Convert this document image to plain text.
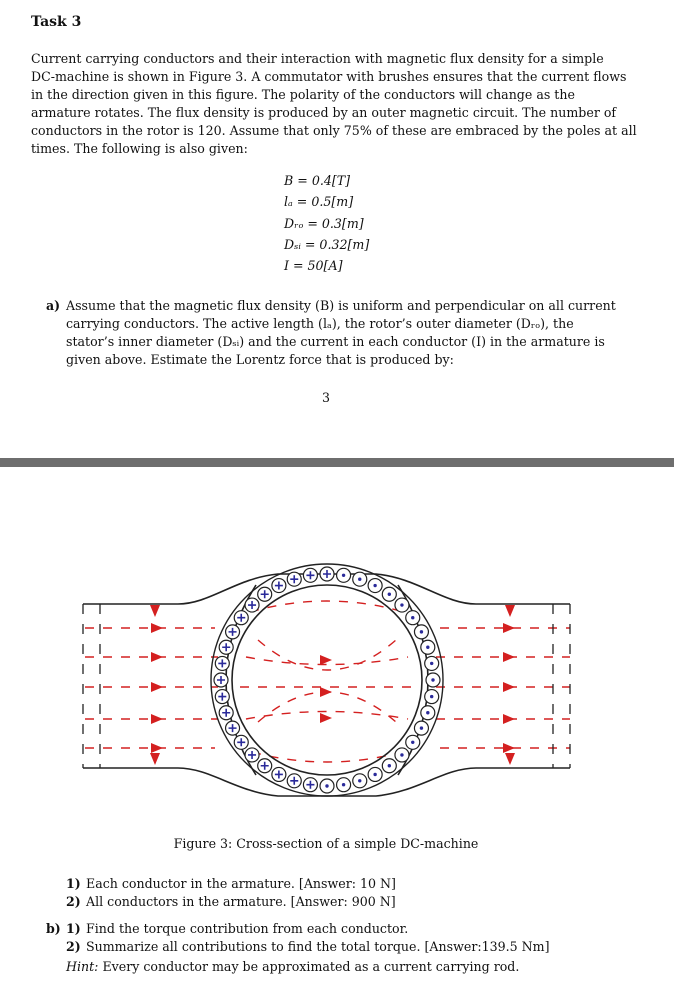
Task 3
Current carrying conductors and their interaction with magnetic flux density for a simple
DC-machine is shown in Figure 3. A commutator with brushes ensures that the current flows
in the direction given in this figure. The polarity of the conductors will change as the
armature rotates. The flux density is produced by an outer magnetic circuit. The number of
conductors in the rotor is 120. Assume that only 75% of these are embraced by the poles at all
times. The following is also given:
B = 0.4[T]
lₐ = 0.5[m]
Dᵣₒ = 0.3[m]
Dₛᵢ = 0.32[m]
I = 50[A]
a) Assume that the magnetic flux density (B) is uniform and perpendicular on all current
carrying conductors. The active length (lₐ), the rotor’s outer diameter (Dᵣₒ), the
stator’s inner diameter (Dₛᵢ) and the current in each conductor (I) in the armature is
given above. Estimate the Lorentz force that is produced by:
3
Figure 3: Cross-section of a simple DC-machine
1) Each conductor in the armature. [Answer: 10 N]
2) All conductors in the armature. [Answer: 900 N]
b) 1) Find the torque contribution from each conductor.
2) Summarize all contributions to find the total torque. [Answer:139.5 Nm]
Hint: Every conductor may be approximated as a current carrying rod.
